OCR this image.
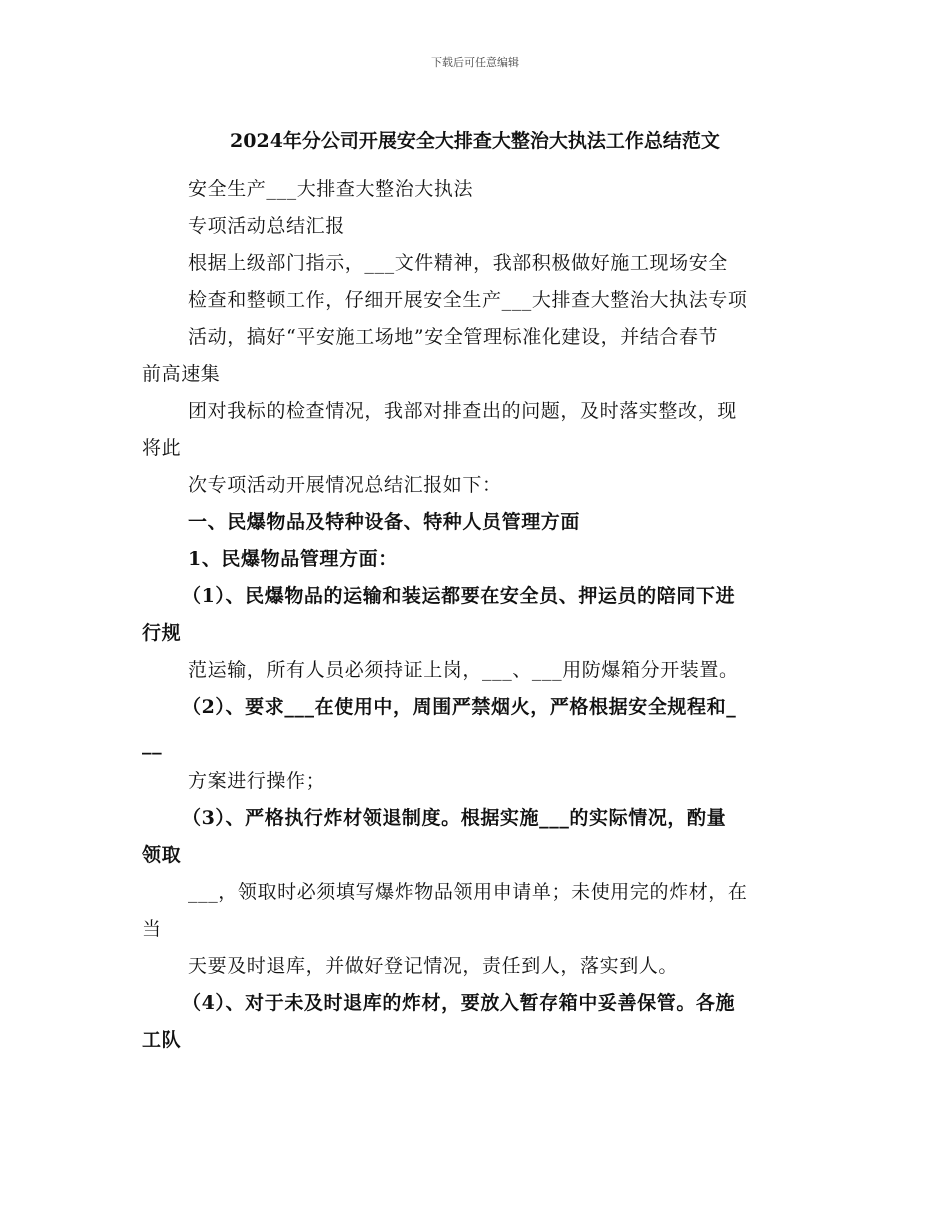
下载后可任意编辑
2024年分公司开展安全大排查大整治大执法工作总结范文
安全生产___大排查大整治大执法
专项活动总结汇报
根据上级部门指示，___文件精神，我部积极做好施工现场安全
检查和整顿工作，仔细开展安全生产___大排查大整治大执法专项
活动，搞好“平安施工场地”安全管理标准化建设，并结合春节
前高速集
团对我标的检查情况，我部对排查出的问题，及时落实整改，现
将此
次专项活动开展情况总结汇报如下：
一、民爆物品及特种设备、特种人员管理方面
1、民爆物品管理方面：
（1）、民爆物品的运输和装运都要在安全员、押运员的陪同下进
行规
范运输，所有人员必须持证上岗，___、___用防爆箱分开装置。
（2）、要求___在使用中，周围严禁烟火，严格根据安全规程和_
__
方案进行操作；
（3）、严格执行炸材领退制度。根据实施___的实际情况，酌量
领取
___，领取时必须填写爆炸物品领用申请单；未使用完的炸材，在
当
天要及时退库，并做好登记情况，责任到人，落实到人。
（4）、对于未及时退库的炸材，要放入暂存箱中妥善保管。各施
工队
